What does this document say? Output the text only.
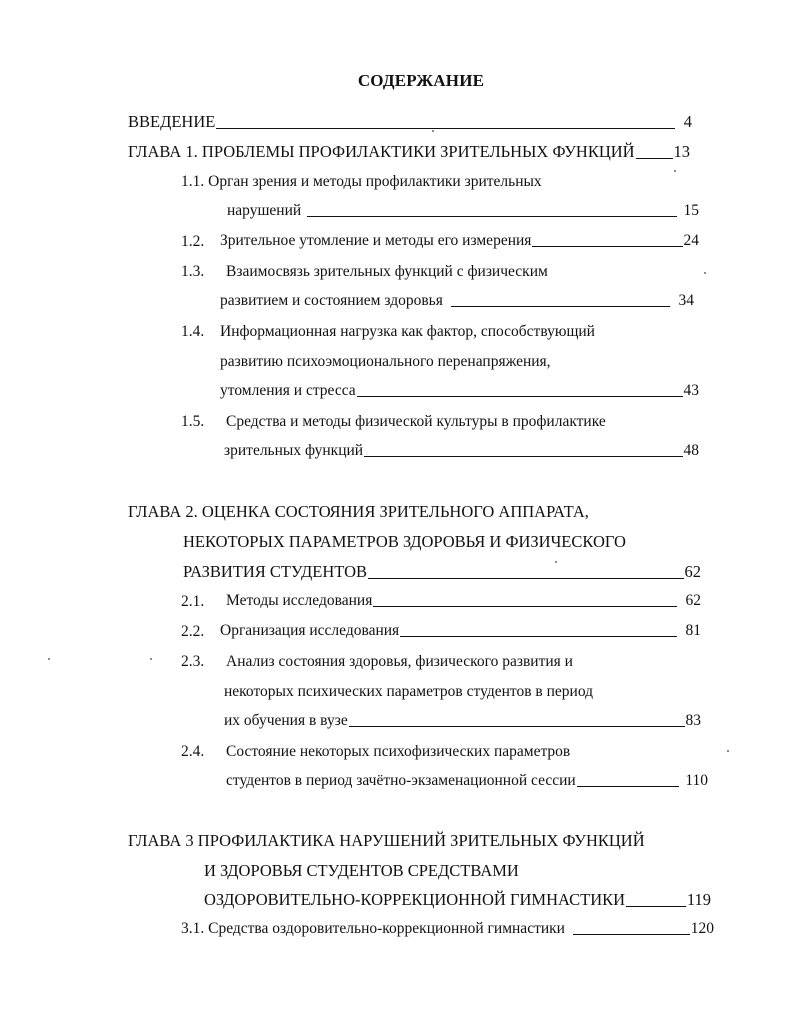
СОДЕРЖАНИЕ
ВВЕДЕНИЕ	4
ГЛАВА 1. ПРОБЛЕМЫ ПРОФИЛАКТИКИ ЗРИТЕЛЬНЫХ ФУНКЦИЙ 13
1.1. Орган зрения и методы профилактики зрительных
нарушений	15
1.2. Зрительное утомление и методы его измерения	24
1.3. Взаимосвязь зрительных функций с физическим
развитием и состоянием здоровья	34
1.4. Информационная нагрузка как фактор, способствующий
развитию психоэмоционального перенапряжения,
утомления и стресса	43
1.5. Средства и методы физической культуры в профилактике
зрительных функций	48
ГЛАВА 2. ОЦЕНКА СОСТОЯНИЯ ЗРИТЕЛЬНОГО АППАРАТА,
НЕКОТОРЫХ ПАРАМЕТРОВ ЗДОРОВЬЯ И ФИЗИЧЕСКОГО
РАЗВИТИЯ СТУДЕНТОВ	62
2.1. Методы исследования	62
2.2. Организация исследования	81
2.3. Анализ состояния здоровья, физического развития и
некоторых психических параметров студентов в период
их обучения в вузе	83
2.4. Состояние некоторых психофизических параметров
студентов в период зачётно-экзаменационной сессии	110
ГЛАВА 3 ПРОФИЛАКТИКА НАРУШЕНИЙ ЗРИТЕЛЬНЫХ ФУНКЦИЙ
И ЗДОРОВЬЯ СТУДЕНТОВ СРЕДСТВАМИ
ОЗДОРОВИТЕЛЬНО-КОРРЕКЦИОННОЙ ГИМНАСТИКИ	119
3.1. Средства оздоровительно-коррекционной гимнастики	120
